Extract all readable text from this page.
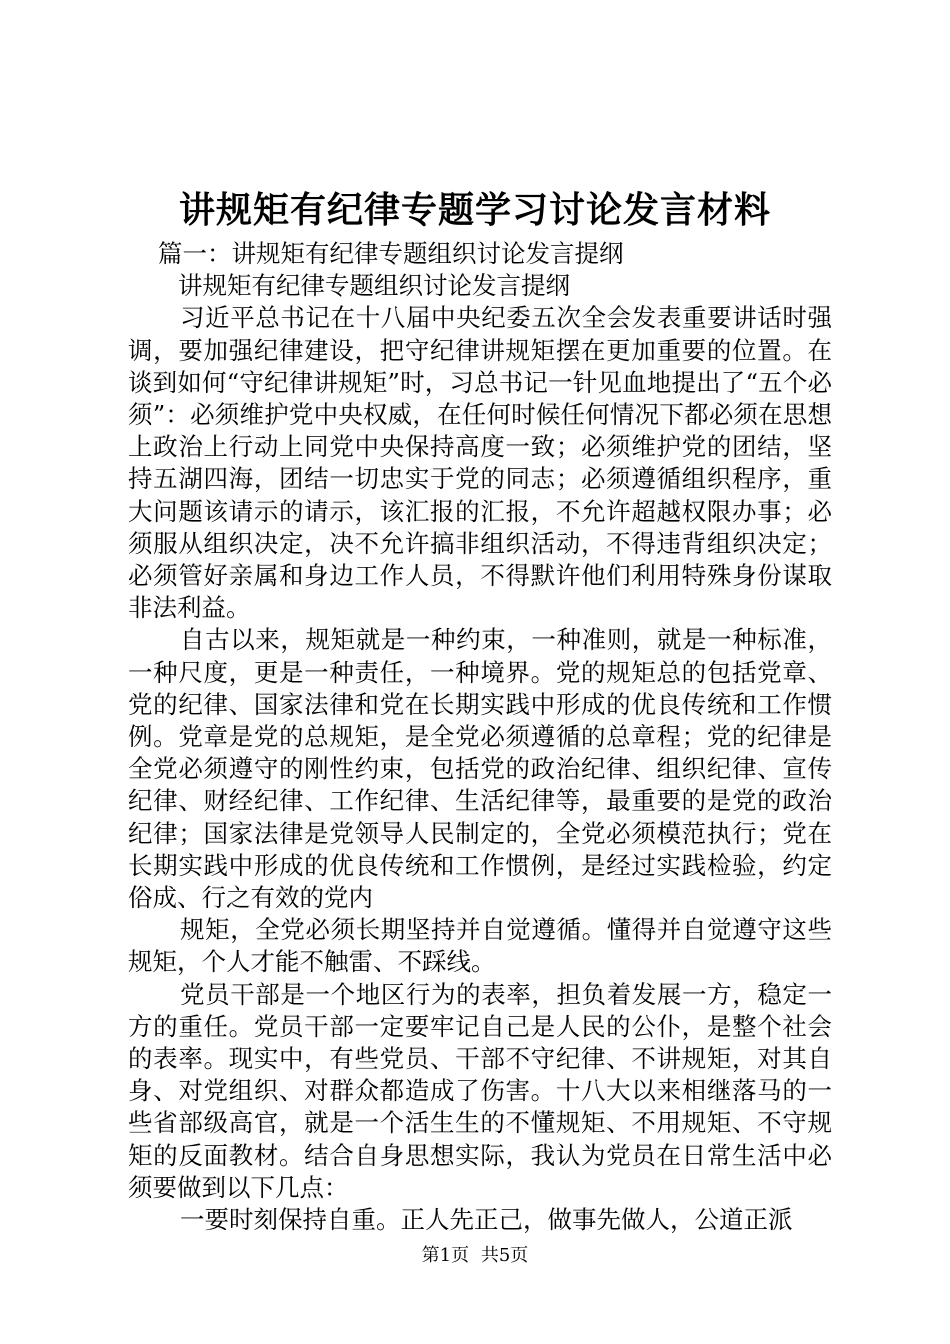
讲规矩有纪律专题学习讨论发言材料

篇一：讲规矩有纪律专题组织讨论发言提纲

讲规矩有纪律专题组织讨论发言提纲

习近平总书记在十八届中央纪委五次全会发表重要讲话时强调，要加强纪律建设，把守纪律讲规矩摆在更加重要的位置。在谈到如何“守纪律讲规矩”时，习总书记一针见血地提出了“五个必须”：必须维护党中央权威，在任何时候任何情况下都必须在思想上政治上行动上同党中央保持高度一致；必须维护党的团结，坚持五湖四海，团结一切忠实于党的同志；必须遵循组织程序，重大问题该请示的请示，该汇报的汇报，不允许超越权限办事；必须服从组织决定，决不允许搞非组织活动，不得违背组织决定；必须管好亲属和身边工作人员，不得默许他们利用特殊身份谋取非法利益。

自古以来，规矩就是一种约束，一种准则，就是一种标准，一种尺度，更是一种责任，一种境界。党的规矩总的包括党章、党的纪律、国家法律和党在长期实践中形成的优良传统和工作惯例。党章是党的总规矩，是全党必须遵循的总章程；党的纪律是全党必须遵守的刚性约束，包括党的政治纪律、组织纪律、宣传纪律、财经纪律、工作纪律、生活纪律等，最重要的是党的政治纪律；国家法律是党领导人民制定的，全党必须模范执行；党在长期实践中形成的优良传统和工作惯例，是经过实践检验，约定俗成、行之有效的党内

规矩，全党必须长期坚持并自觉遵循。懂得并自觉遵守这些规矩，个人才能不触雷、不踩线。

党员干部是一个地区行为的表率，担负着发展一方，稳定一方的重任。党员干部一定要牢记自己是人民的公仆，是整个社会的表率。现实中，有些党员、干部不守纪律、不讲规矩，对其自身、对党组织、对群众都造成了伤害。十八大以来相继落马的一些省部级高官，就是一个活生生的不懂规矩、不用规矩、不守规矩的反面教材。结合自身思想实际，我认为党员在日常生活中必须要做到以下几点：

一要时刻保持自重。正人先正己，做事先做人，公道正派

第1页 共5页
